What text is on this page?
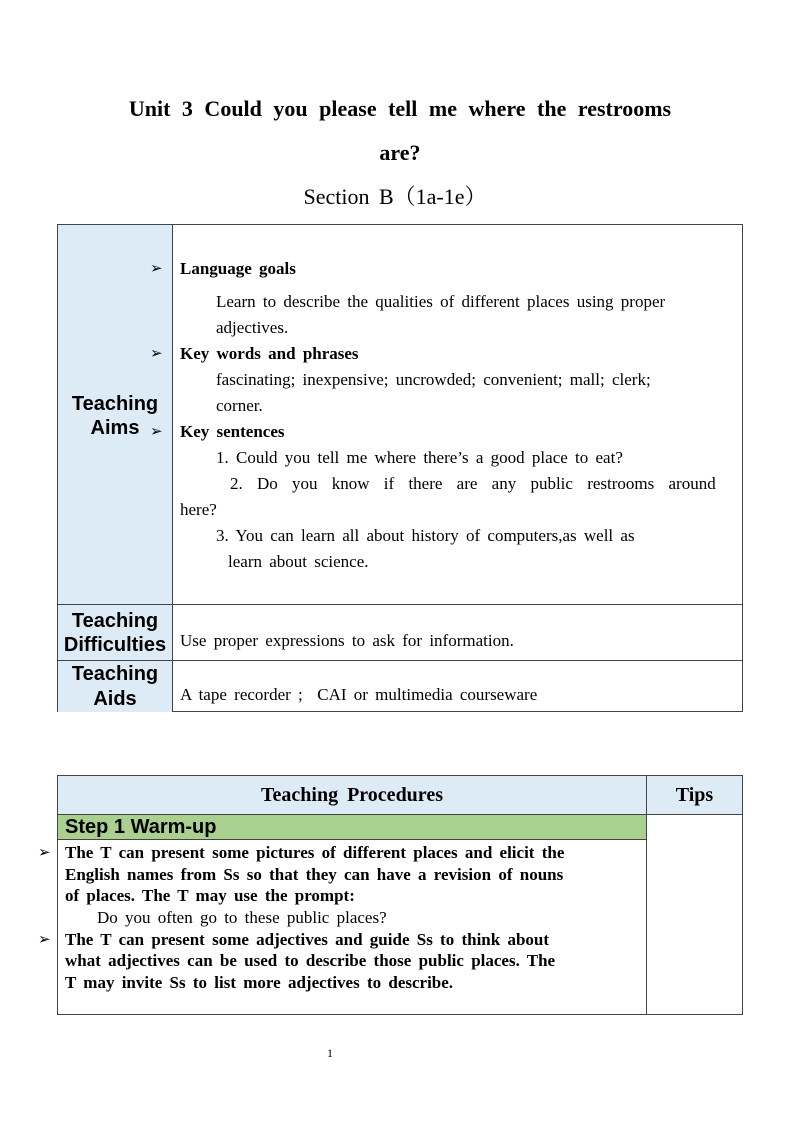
Unit 3 Could you please tell me where the restrooms
are?
Section B（1a-1e）
Teaching
Aims
➢
➢
➢
Language goals
Learn to describe the qualities of different places using proper
adjectives.
Key words and phrases
fascinating; inexpensive; uncrowded; convenient; mall; clerk;
corner.
Key sentences
1. Could you tell me where there’s a good place to eat?
2. Do you know if there are any public restrooms around
here?
3. You can learn all about history of computers,as well as
learn about science.
Teaching
Difficulties Use proper expressions to ask for information.
Teaching
Aids	A tape recorder ;  CAI or multimedia courseware
Teaching Procedures	Tips
Step 1 Warm-up
➢
➢
The T can present some pictures of different places and elicit the
English names from Ss so that they can have a revision of nouns
of places. The T may use the prompt:
Do you often go to these public places?
The T can present some adjectives and guide Ss to think about
what adjectives can be used to describe those public places. The
T may invite Ss to list more adjectives to describe.
1
